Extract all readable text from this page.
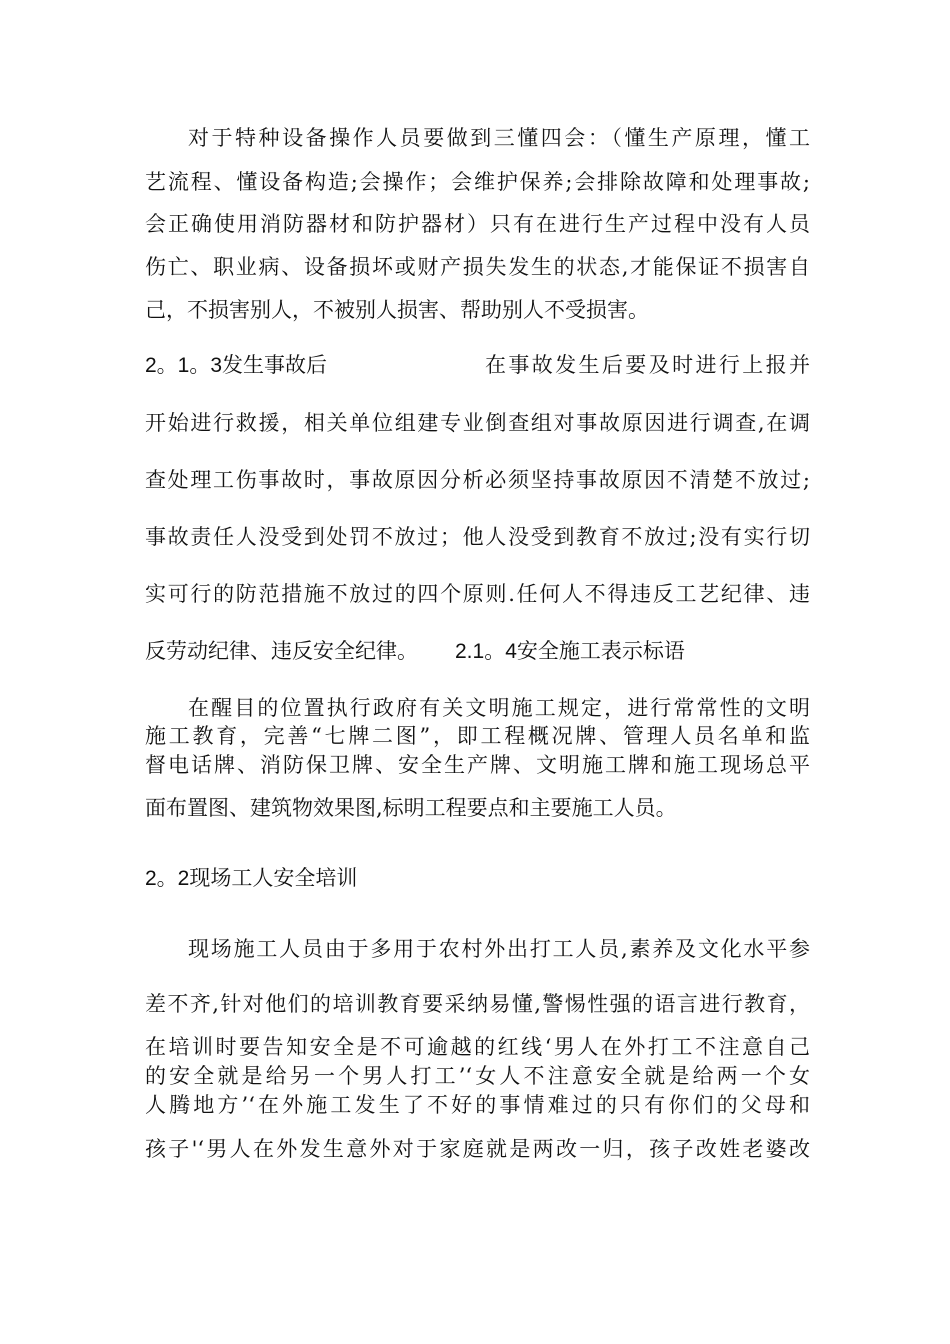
对于特种设备操作人员要做到三懂四会：（懂生产原理，懂工
艺流程、懂设备构造;会操作；会维护保养;会排除故障和处理事故;
会正确使用消防器材和防护器材）只有在进行生产过程中没有人员
伤亡、职业病、设备损坏或财产损失发生的状态,才能保证不损害自
己，不损害别人，不被别人损害、帮助别人不受损害。
2。1。3发生事故后	在事故发生后要及时进行上报并
开始进行救援，相关单位组建专业倒查组对事故原因进行调查,在调
查处理工伤事故时，事故原因分析必须坚持事故原因不清楚不放过;
事故责任人没受到处罚不放过；他人没受到教育不放过;没有实行切
实可行的防范措施不放过的四个原则.任何人不得违反工艺纪律、违
反劳动纪律、违反安全纪律。 2.1。4安全施工表示标语
在醒目的位置执行政府有关文明施工规定，进行常常性的文明
施工教育，完善“七牌二图”，即工程概况牌、管理人员名单和监
督电话牌、消防保卫牌、安全生产牌、文明施工牌和施工现场总平
面布置图、建筑物效果图,标明工程要点和主要施工人员。
2。2现场工人安全培训
现场施工人员由于多用于农村外出打工人员,素养及文化水平参
差不齐,针对他们的培训教育要采纳易懂,警惕性强的语言进行教育，
在培训时要告知安全是不可逾越的红线‘男人在外打工不注意自己
的安全就是给另一个男人打工’‘女人不注意安全就是给两一个女
人腾地方’‘在外施工发生了不好的事情难过的只有你们的父母和
孩子'‘男人在外发生意外对于家庭就是两改一归，孩子改姓老婆改
